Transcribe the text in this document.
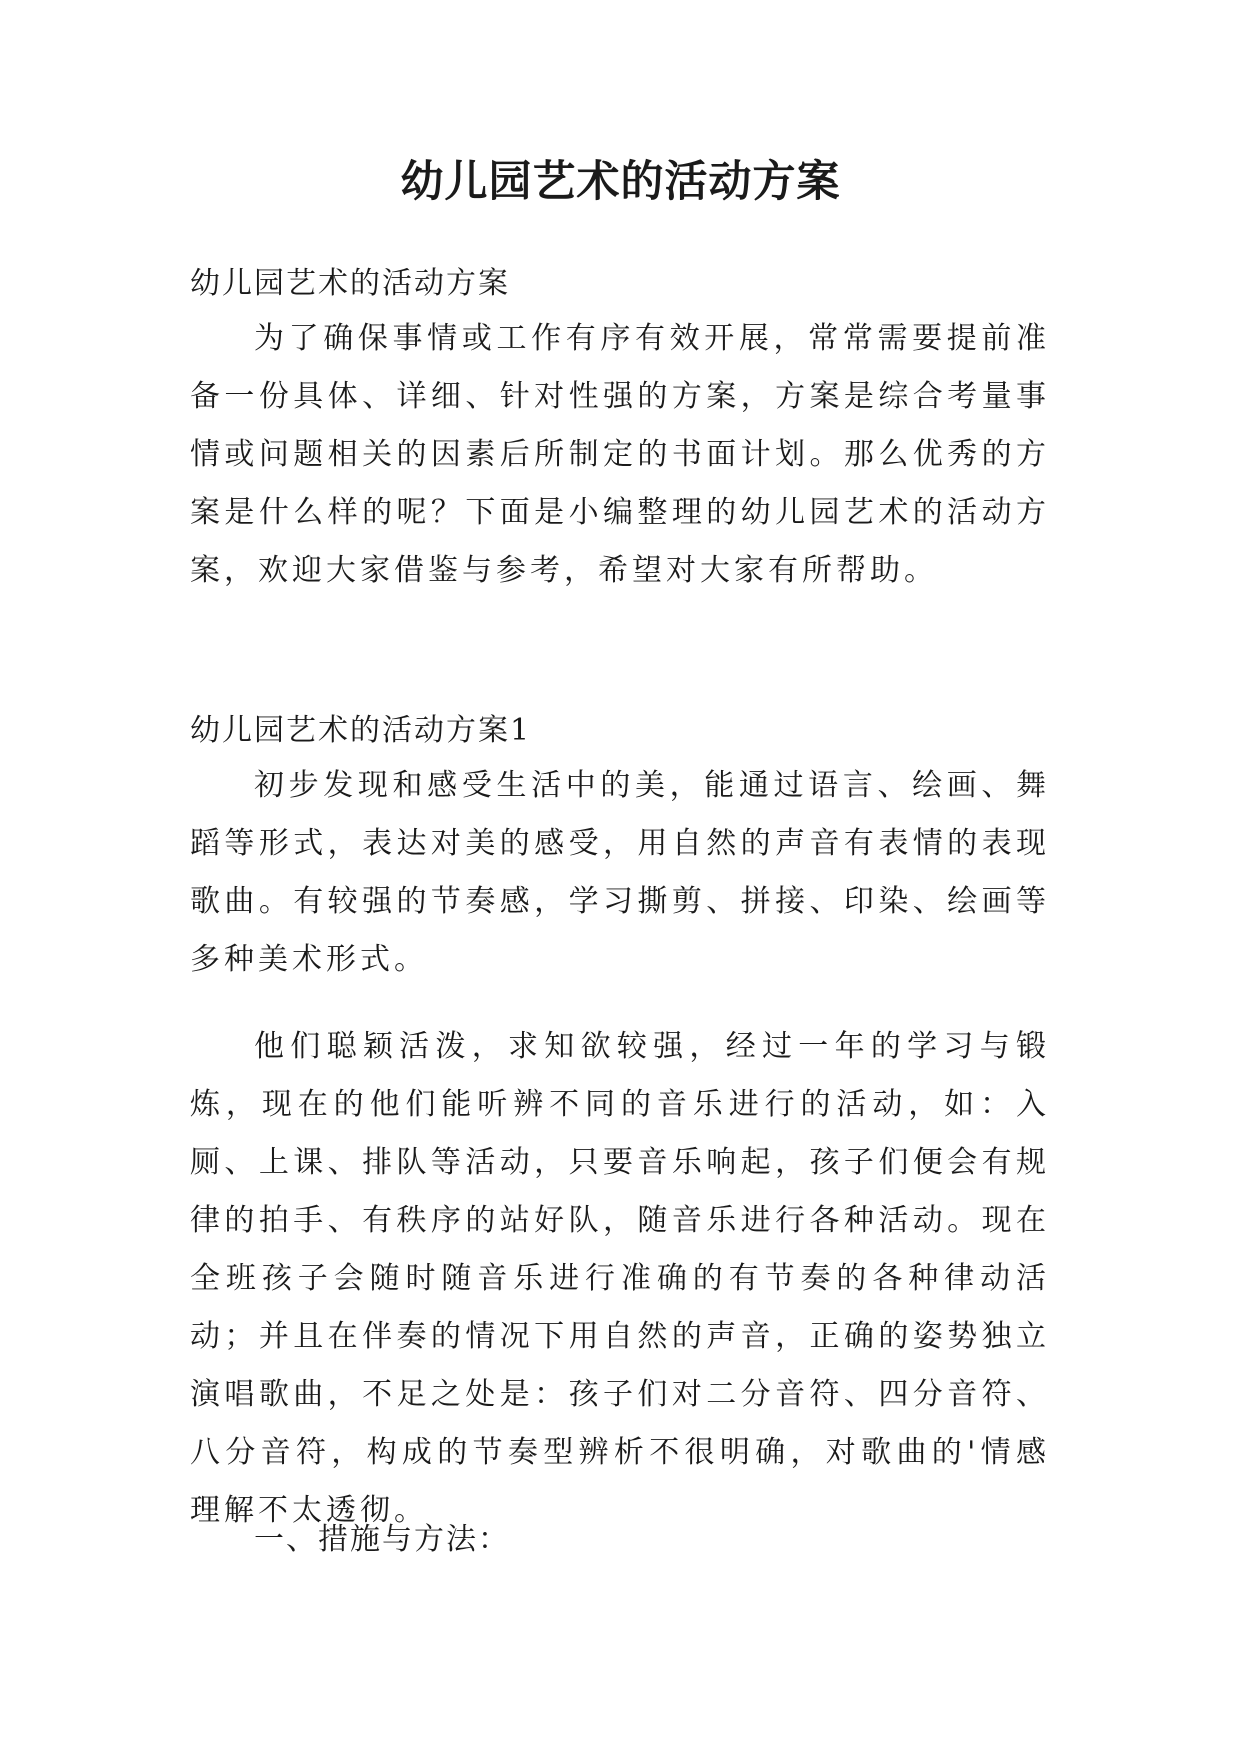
幼儿园艺术的活动方案

幼儿园艺术的活动方案

为了确保事情或工作有序有效开展，常常需要提前准备一份具体、详细、针对性强的方案，方案是综合考量事情或问题相关的因素后所制定的书面计划。那么优秀的方案是什么样的呢？下面是小编整理的幼儿园艺术的活动方案，欢迎大家借鉴与参考，希望对大家有所帮助。

幼儿园艺术的活动方案1

初步发现和感受生活中的美，能通过语言、绘画、舞蹈等形式，表达对美的感受，用自然的声音有表情的表现歌曲。有较强的节奏感，学习撕剪、拼接、印染、绘画等多种美术形式。

他们聪颖活泼，求知欲较强，经过一年的学习与锻炼，现在的他们能听辨不同的音乐进行的活动，如：入厕、上课、排队等活动，只要音乐响起，孩子们便会有规律的拍手、有秩序的站好队，随音乐进行各种活动。现在全班孩子会随时随音乐进行准确的有节奏的各种律动活动；并且在伴奏的情况下用自然的声音，正确的姿势独立演唱歌曲，不足之处是：孩子们对二分音符、四分音符、八分音符，构成的节奏型辨析不很明确，对歌曲的'情感理解不太透彻。

一、措施与方法：
